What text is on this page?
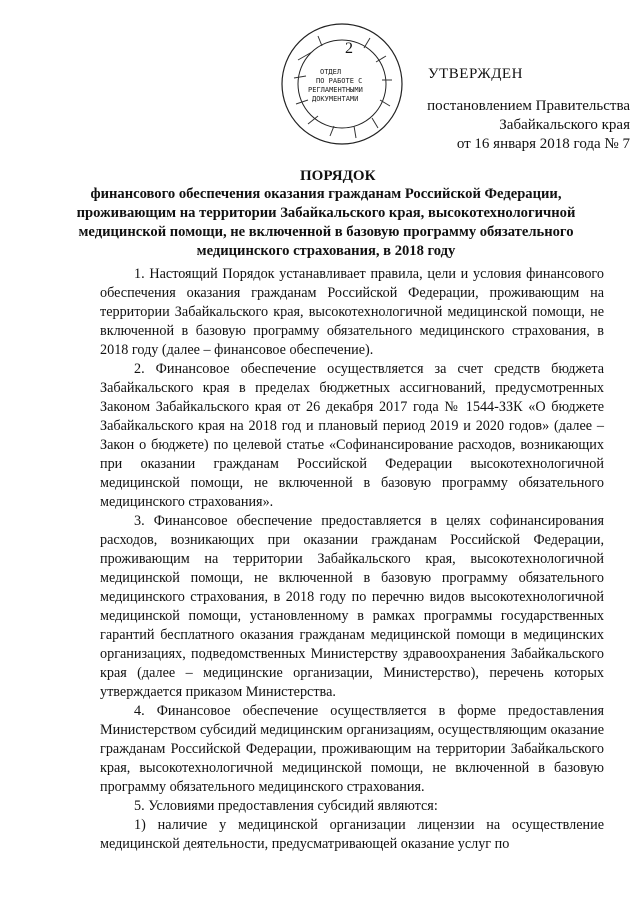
ОТДЕЛ
ПО РАБОТЕ С
РЕГЛАМЕНТНЫМИ
ДОКУМЕНТАМИ
2
УТВЕРЖДЕН
постановлением Правительства
Забайкальского края
от 16 января 2018 года № 7
ПОРЯДОК
финансового обеспечения оказания гражданам Российской Федерации, проживающим на территории Забайкальского края, высокотехнологичной медицинской помощи, не включенной в базовую программу обязательного медицинского страхования, в 2018 году

1. Настоящий Порядок устанавливает правила, цели и условия финансового обеспечения оказания гражданам Российской Федерации, проживающим на территории Забайкальского края, высокотехнологичной медицинской помощи, не включенной в базовую программу обязательного медицинского страхования, в 2018 году (далее – финансовое обеспечение).

2. Финансовое обеспечение осуществляется за счет средств бюджета Забайкальского края в пределах бюджетных ассигнований, предусмотренных Законом Забайкальского края от 26 декабря 2017 года № 1544-ЗЗК «О бюджете Забайкальского края на 2018 год и плановый период 2019 и 2020 годов» (далее – Закон о бюджете) по целевой статье «Софинансирование расходов, возникающих при оказании гражданам Российской Федерации высокотехнологичной медицинской помощи, не включенной в базовую программу обязательного медицинского страхования».

3. Финансовое обеспечение предоставляется в целях софинансирования расходов, возникающих при оказании гражданам Российской Федерации, проживающим на территории Забайкальского края, высокотехнологичной медицинской помощи, не включенной в базовую программу обязательного медицинского страхования, в 2018 году по перечню видов высокотехнологичной медицинской помощи, установленному в рамках программы государственных гарантий бесплатного оказания гражданам медицинской помощи в медицинских организациях, подведомственных Министерству здравоохранения Забайкальского края (далее – медицинские организации, Министерство), перечень которых утверждается приказом Министерства.

4. Финансовое обеспечение осуществляется в форме предоставления Министерством субсидий медицинским организациям, осуществляющим оказание гражданам Российской Федерации, проживающим на территории Забайкальского края, высокотехнологичной медицинской помощи, не включенной в базовую программу обязательного медицинского страхования.

5. Условиями предоставления субсидий являются:

1) наличие у медицинской организации лицензии на осуществление медицинской деятельности, предусматривающей оказание услуг по
